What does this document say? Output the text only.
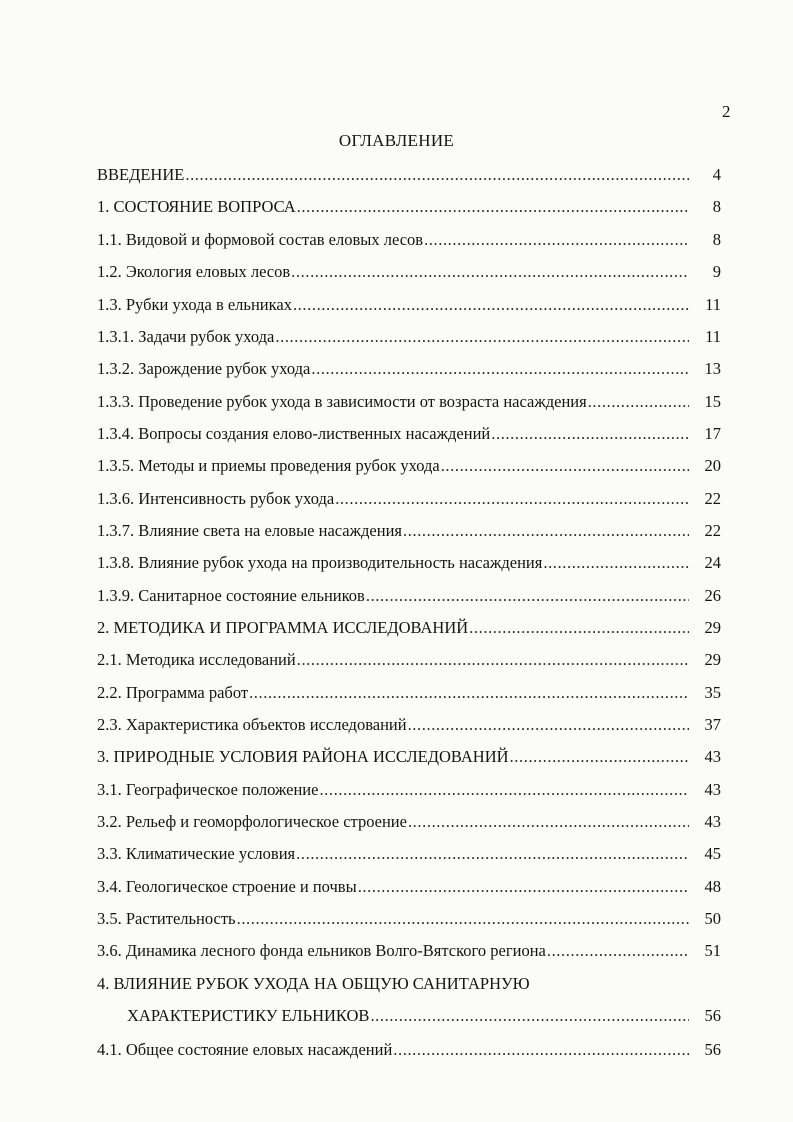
2
ОГЛАВЛЕНИЕ
ВВЕДЕНИЕ .....	4
1. СОСТОЯНИЕ ВОПРОСА .....	8
1.1. Видовой и формовой состав еловых лесов .....	8
1.2. Экология еловых лесов .....	9
1.3. Рубки ухода в ельниках .....	11
1.3.1. Задачи рубок ухода .....	11
1.3.2. Зарождение рубок ухода .....	13
1.3.3. Проведение рубок ухода в зависимости от возраста насаждения .....	15
1.3.4. Вопросы создания елово-лиственных насаждений .....	17
1.3.5. Методы и приемы проведения рубок ухода .....	20
1.3.6. Интенсивность рубок ухода .....	22
1.3.7. Влияние света на еловые насаждения .....	22
1.3.8. Влияние рубок ухода на производительность насаждения .....	24
1.3.9. Санитарное состояние ельников .....	26
2. МЕТОДИКА И ПРОГРАММА ИССЛЕДОВАНИЙ .....	29
2.1. Методика исследований .....	29
2.2. Программа работ .....	35
2.3. Характеристика объектов исследований .....	37
3. ПРИРОДНЫЕ УСЛОВИЯ РАЙОНА ИССЛЕДОВАНИЙ .....	43
3.1. Географическое положение .....	43
3.2. Рельеф и геоморфологическое строение .....	43
3.3. Климатические условия .....	45
3.4. Геологическое строение и почвы .....	48
3.5. Растительность .....	50
3.6. Динамика лесного фонда ельников Волго-Вятского региона .....	51
4. ВЛИЯНИЕ РУБОК УХОДА НА ОБЩУЮ САНИТАРНУЮ
ХАРАКТЕРИСТИКУ ЕЛЬНИКОВ .....	56
4.1. Общее состояние еловых насаждений .....	56
